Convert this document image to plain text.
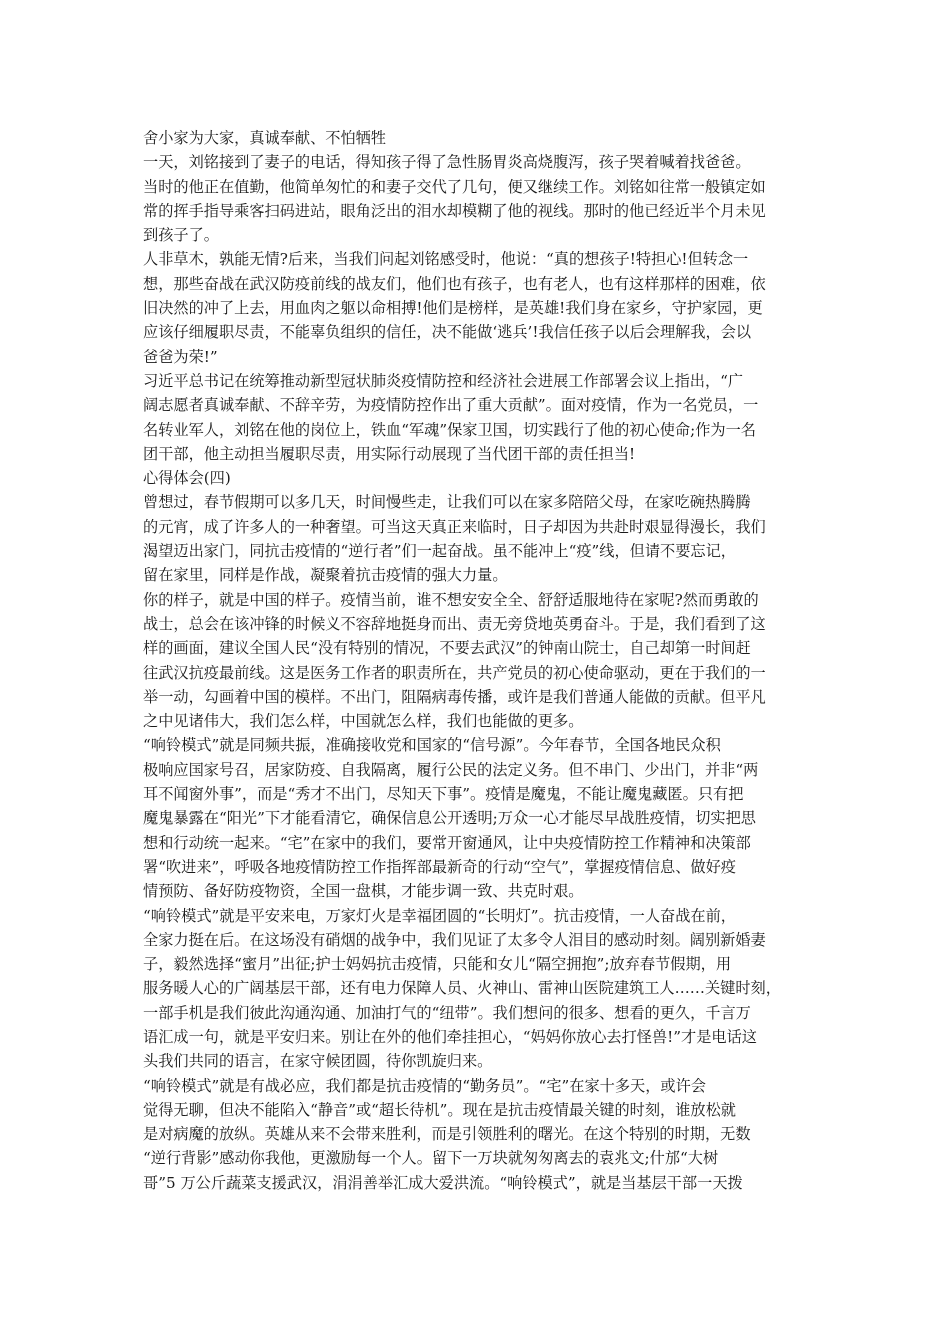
舍小家为大家，真诚奉献、不怕牺牲
一天，刘铭接到了妻子的电话，得知孩子得了急性肠胃炎高烧腹泻，孩子哭着喊着找爸爸。
当时的他正在值勤，他简单匆忙的和妻子交代了几句，便又继续工作。刘铭如往常一般镇定如
常的挥手指导乘客扫码进站，眼角泛出的泪水却模糊了他的视线。那时的他已经近半个月未见
到孩子了。
人非草木，孰能无情?后来，当我们问起刘铭感受时，他说：“真的想孩子!特担心!但转念一
想，那些奋战在武汉防疫前线的战友们，他们也有孩子，也有老人，也有这样那样的困难，依
旧决然的冲了上去，用血肉之躯以命相搏!他们是榜样，是英雄!我们身在家乡，守护家园，更
应该仔细履职尽责，不能辜负组织的信任，决不能做‘逃兵’!我信任孩子以后会理解我，会以
爸爸为荣!”
习近平总书记在统筹推动新型冠状肺炎疫情防控和经济社会进展工作部署会议上指出，“广
阔志愿者真诚奉献、不辞辛劳，为疫情防控作出了重大贡献”。面对疫情，作为一名党员，一
名转业军人，刘铭在他的岗位上，铁血“军魂”保家卫国，切实践行了他的初心使命;作为一名
团干部，他主动担当履职尽责，用实际行动展现了当代团干部的责任担当!
心得体会(四)
曾想过，春节假期可以多几天，时间慢些走，让我们可以在家多陪陪父母，在家吃碗热腾腾
的元宵，成了许多人的一种奢望。可当这天真正来临时，日子却因为共赴时艰显得漫长，我们
渴望迈出家门，同抗击疫情的“逆行者”们一起奋战。虽不能冲上“疫”线，但请不要忘记，
留在家里，同样是作战，凝聚着抗击疫情的强大力量。
你的样子，就是中国的样子。疫情当前，谁不想安安全全、舒舒适服地待在家呢?然而勇敢的
战士，总会在该冲锋的时候义不容辞地挺身而出、责无旁贷地英勇奋斗。于是，我们看到了这
样的画面，建议全国人民“没有特别的情况，不要去武汉”的钟南山院士，自己却第一时间赶
往武汉抗疫最前线。这是医务工作者的职责所在，共产党员的初心使命驱动，更在于我们的一
举一动，勾画着中国的模样。不出门，阻隔病毒传播，或许是我们普通人能做的贡献。但平凡
之中见诸伟大，我们怎么样，中国就怎么样，我们也能做的更多。
“响铃模式”就是同频共振，准确接收党和国家的“信号源”。今年春节，全国各地民众积
极响应国家号召，居家防疫、自我隔离，履行公民的法定义务。但不串门、少出门，并非“两
耳不闻窗外事”，而是“秀才不出门，尽知天下事”。疫情是魔鬼，不能让魔鬼藏匿。只有把
魔鬼暴露在“阳光”下才能看清它，确保信息公开透明;万众一心才能尽早战胜疫情，切实把思
想和行动统一起来。“宅”在家中的我们，要常开窗通风，让中央疫情防控工作精神和决策部
署“吹进来”，呼吸各地疫情防控工作指挥部最新奇的行动“空气”，掌握疫情信息、做好疫
情预防、备好防疫物资，全国一盘棋，才能步调一致、共克时艰。
“响铃模式”就是平安来电，万家灯火是幸福团圆的“长明灯”。抗击疫情，一人奋战在前，
全家力挺在后。在这场没有硝烟的战争中，我们见证了太多令人泪目的感动时刻。阔别新婚妻
子，毅然选择“蜜月”出征;护士妈妈抗击疫情，只能和女儿“隔空拥抱”;放弃春节假期，用
服务暖人心的广阔基层干部，还有电力保障人员、火神山、雷神山医院建筑工人……关键时刻，
一部手机是我们彼此沟通沟通、加油打气的“纽带”。我们想问的很多、想看的更久，千言万
语汇成一句，就是平安归来。别让在外的他们牵挂担心，“妈妈你放心去打怪兽!”才是电话这
头我们共同的语言，在家守候团圆，待你凯旋归来。
“响铃模式”就是有战必应，我们都是抗击疫情的“勤务员”。“宅”在家十多天，或许会
觉得无聊，但决不能陷入“静音”或“超长待机”。现在是抗击疫情最关键的时刻，谁放松就
是对病魔的放纵。英雄从来不会带来胜利，而是引领胜利的曙光。在这个特别的时期，无数
“逆行背影”感动你我他，更激励每一个人。留下一万块就匆匆离去的袁兆文;什邡“大树
哥”5 万公斤蔬菜支援武汉，涓涓善举汇成大爱洪流。“响铃模式”，就是当基层干部一天拨
